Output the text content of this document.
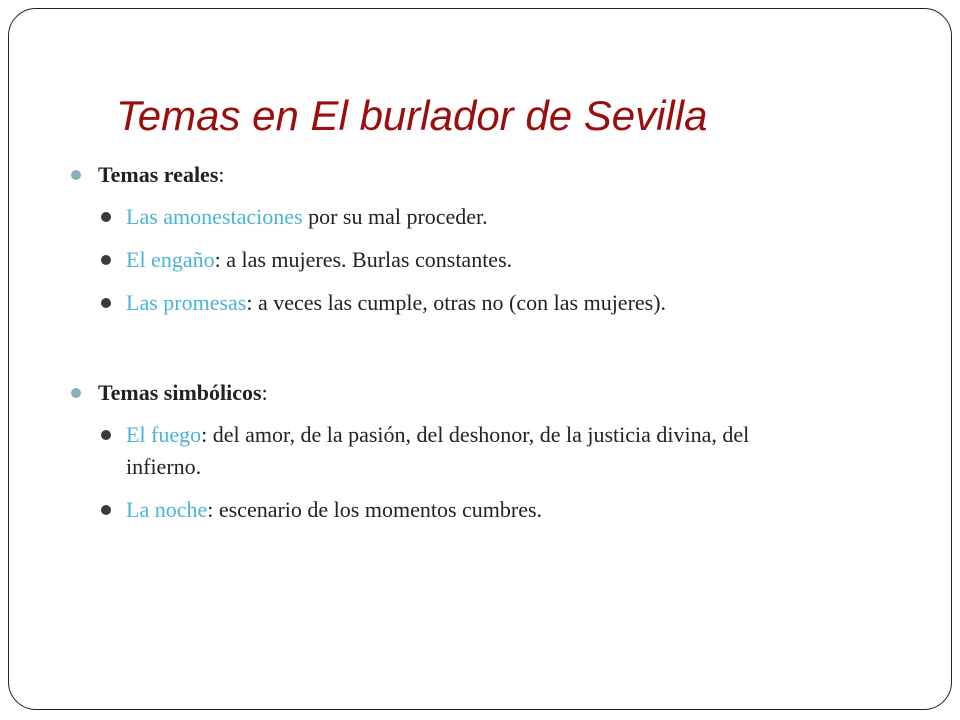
Temas en El burlador de Sevilla
Temas reales:
Las amonestaciones por su mal proceder.
El engaño: a las mujeres. Burlas constantes.
Las promesas: a veces las cumple, otras no (con las mujeres).
Temas simbólicos:
El fuego: del amor, de la pasión, del deshonor, de la justicia divina, del infierno.
La noche: escenario de los momentos cumbres.
